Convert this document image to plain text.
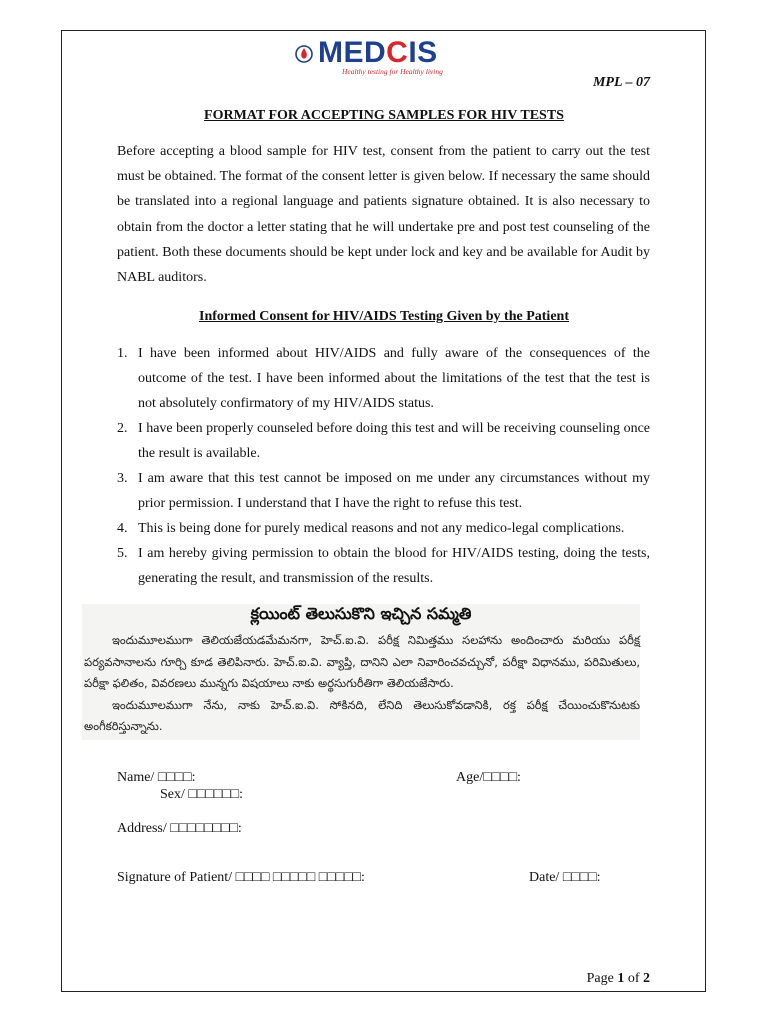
MEDCIS
Healthy testing for Healthy living
MPL – 07
FORMAT FOR ACCEPTING SAMPLES FOR HIV TESTS
Before accepting a blood sample for HIV test, consent from the patient to carry out the test must be obtained. The format of the consent letter is given below. If necessary the same should be translated into a regional language and patients signature obtained. It is also necessary to obtain from the doctor a letter stating that he will undertake pre and post test counseling of the patient. Both these documents should be kept under lock and key and be available for Audit by NABL auditors.
Informed Consent for HIV/AIDS Testing Given by the Patient
1. I have been informed about HIV/AIDS and fully aware of the consequences of the outcome of the test. I have been informed about the limitations of the test that the test is not absolutely confirmatory of my HIV/AIDS status.
2. I have been properly counseled before doing this test and will be receiving counseling once the result is available.
3. I am aware that this test cannot be imposed on me under any circumstances without my prior permission. I understand that I have the right to refuse this test.
4. This is being done for purely medical reasons and not any medico-legal complications.
5. I am hereby giving permission to obtain the blood for HIV/AIDS testing, doing the tests, generating the result, and transmission of the results.
క్లయింట్ తెలుసుకొని ఇచ్చిన సమ్మతి

ఇందుమూలముగా తెలియజేయడమేమనగా, హెచ్.ఐ.వి. పరీక్ష నిమిత్తము సలహాను అందించారు మరియు పరీక్ష పర్యవసానాలను గూర్చి కూడ తెలిపినారు. హెచ్.ఐ.వి. వ్యాప్తి, దానిని ఎలా నివారించవచ్చునో, పరీక్షా విధానము, పరిమితులు, పరీక్షా ఫలితం, వివరణలు మున్నగు విషయాలు నాకు అర్థసుగురీతిగా తెలియజేసారు.

ఇందుమూలముగా నేను, నాకు హెచ్.ఐ.వి. సోకినది, లేనిది తెలుసుకోవడానికి, రక్త పరీక్ష చేయించుకొనుటకు అంగీకరిస్తున్నాను.

Name/ □□□□:	Age/□□□□:
Sex/ □□□□□□:
Address/ □□□□□□□□:
Signature of Patient/ □□□□ □□□□□ □□□□□:	Date/ □□□□:
Page 1 of 2
